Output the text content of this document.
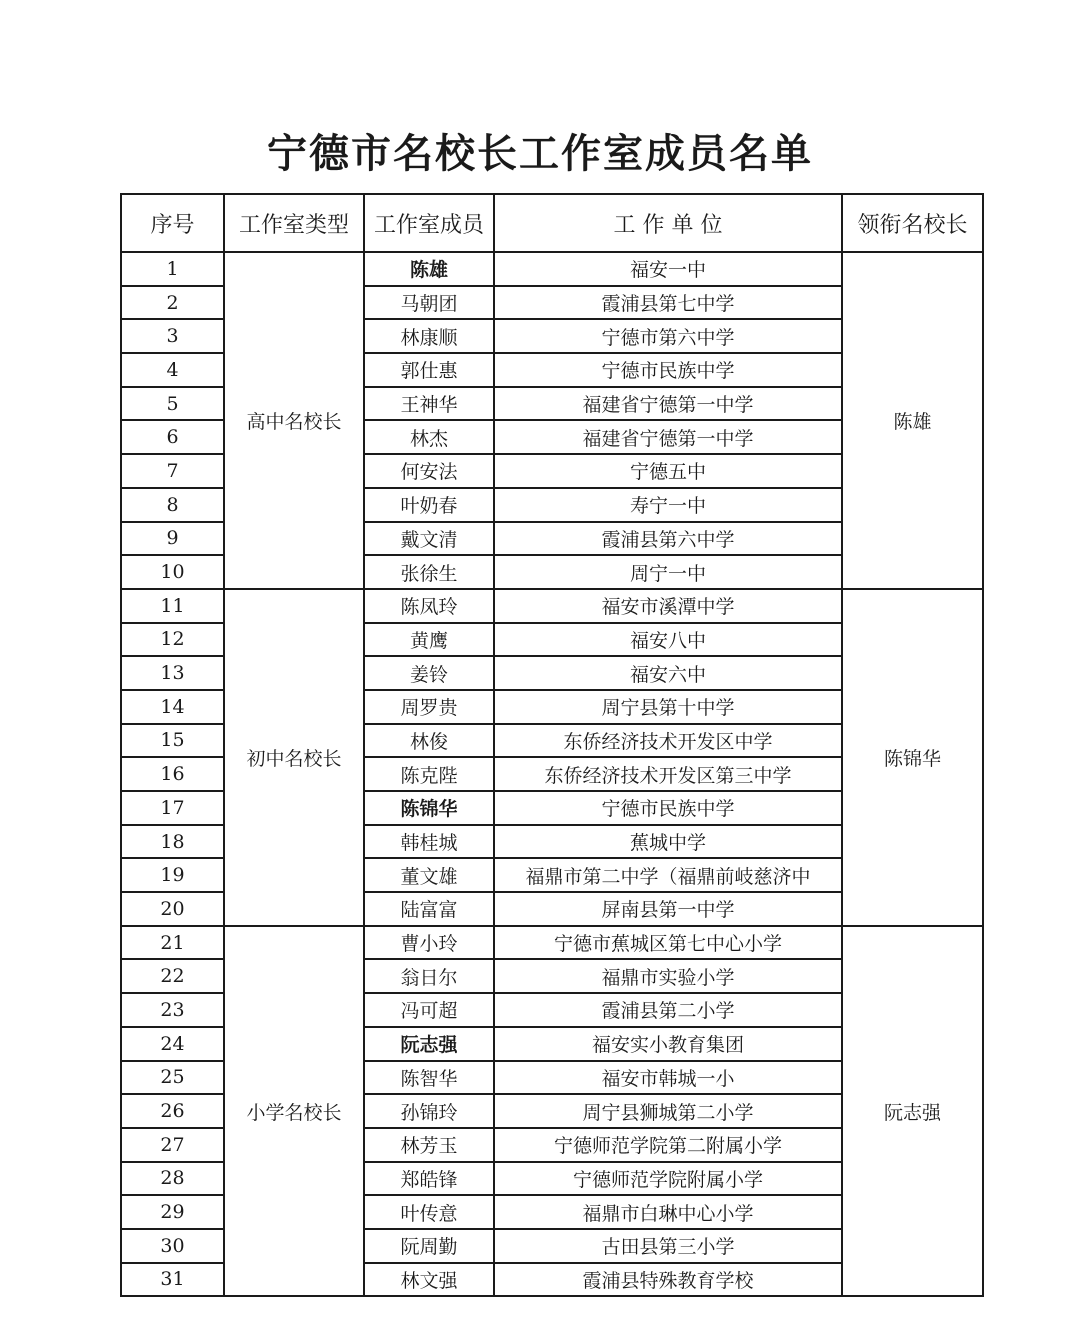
宁德市名校长工作室成员名单
序号	工作室类型	工作室成员	工 作 单 位	领衔名校长
1	高中名校长	陈雄	福安一中	陈雄
2		马朝团	霞浦县第七中学	
3		林康顺	宁德市第六中学	
4		郭仕惠	宁德市民族中学	
5		王神华	福建省宁德第一中学	
6		林杰	福建省宁德第一中学	
7		何安法	宁德五中	
8		叶奶春	寿宁一中	
9		戴文清	霞浦县第六中学	
10		张徐生	周宁一中	
11	初中名校长	陈凤玲	福安市溪潭中学	陈锦华
12		黄鹰	福安八中	
13		姜铃	福安六中	
14		周罗贵	周宁县第十中学	
15		林俊	东侨经济技术开发区中学	
16		陈克陛	东侨经济技术开发区第三中学	
17		陈锦华	宁德市民族中学	
18		韩桂城	蕉城中学	
19		董文雄	福鼎市第二中学（福鼎前岐慈济中	
20		陆富富	屏南县第一中学	
21	小学名校长	曹小玲	宁德市蕉城区第七中心小学	阮志强
22		翁日尔	福鼎市实验小学	
23		冯可超	霞浦县第二小学	
24		阮志强	福安实小教育集团	
25		陈智华	福安市韩城一小	
26		孙锦玲	周宁县狮城第二小学	
27		林芳玉	宁德师范学院第二附属小学	
28		郑皓锋	宁德师范学院附属小学	
29		叶传意	福鼎市白琳中心小学	
30		阮周勤	古田县第三小学	
31		林文强	霞浦县特殊教育学校	
